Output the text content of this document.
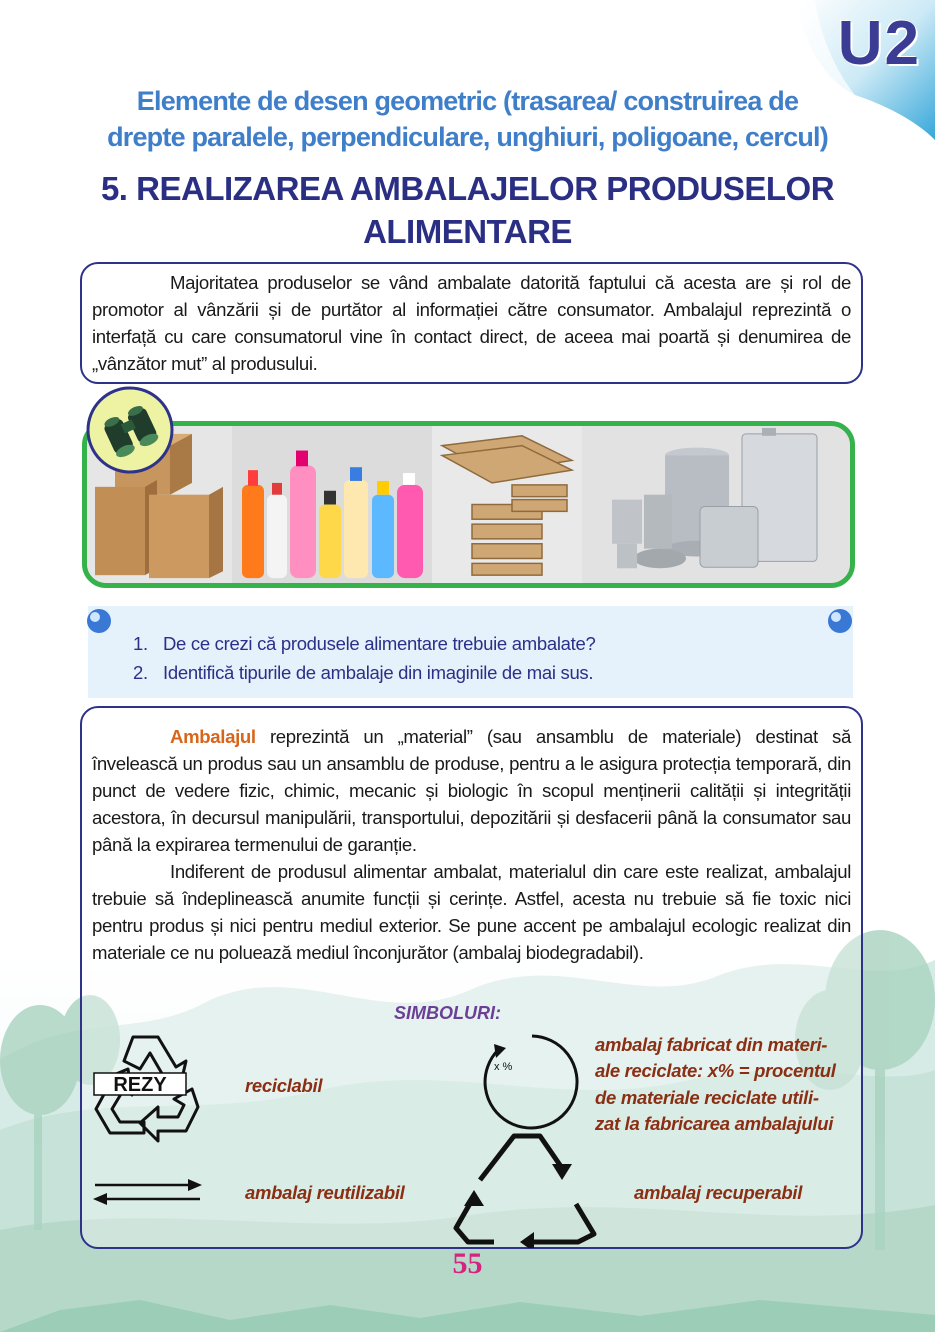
U2
Elemente de desen geometric (trasarea/ construirea de
drepte paralele, perpendiculare, unghiuri, poligoane, cercul)
5. REALIZAREA AMBALAJELOR PRODUSELOR
ALIMENTARE

Majoritatea produselor se vând ambalate datorită faptului că acesta are și rol de promotor al vânzării și de purtător al informației către consumator. Ambalajul reprezintă o interfață cu care consumatorul vine în contact direct, de aceea mai poartă și denumirea de „vânzător mut” al produsului.

1. De ce crezi că produsele alimentare trebuie ambalate?
2. Identifică tipurile de ambalaje din imaginile de mai sus.

Ambalajul reprezintă un „material” (sau ansamblu de materiale) destinat să învelească un produs sau un ansamblu de produse, pentru a le asigura protecția temporară, din punct de vedere fizic, chimic, mecanic și biologic în scopul menținerii calității și integrității acestora, în decursul manipulării, transportului, depozitării și desfacerii până la consumator sau până la expirarea termenului de garanție.

Indiferent de produsul alimentar ambalat, materialul din care este realizat, ambalajul trebuie să îndeplinească anumite funcții și cerințe. Astfel, acesta nu trebuie să fie toxic nici pentru produs și nici pentru mediul exterior. Se pune accent pe ambalajul ecologic realizat din materiale ce nu poluează mediul înconjurător (ambalaj biodegradabil).

SIMBOLURI:
REZY	reciclabil
x %
ambalaj fabricat din materi-
ale reciclate: x% = procentul
de materiale reciclate utili-
zat la fabricarea ambalajului
ambalaj reutilizabil	ambalaj recuperabil
55
